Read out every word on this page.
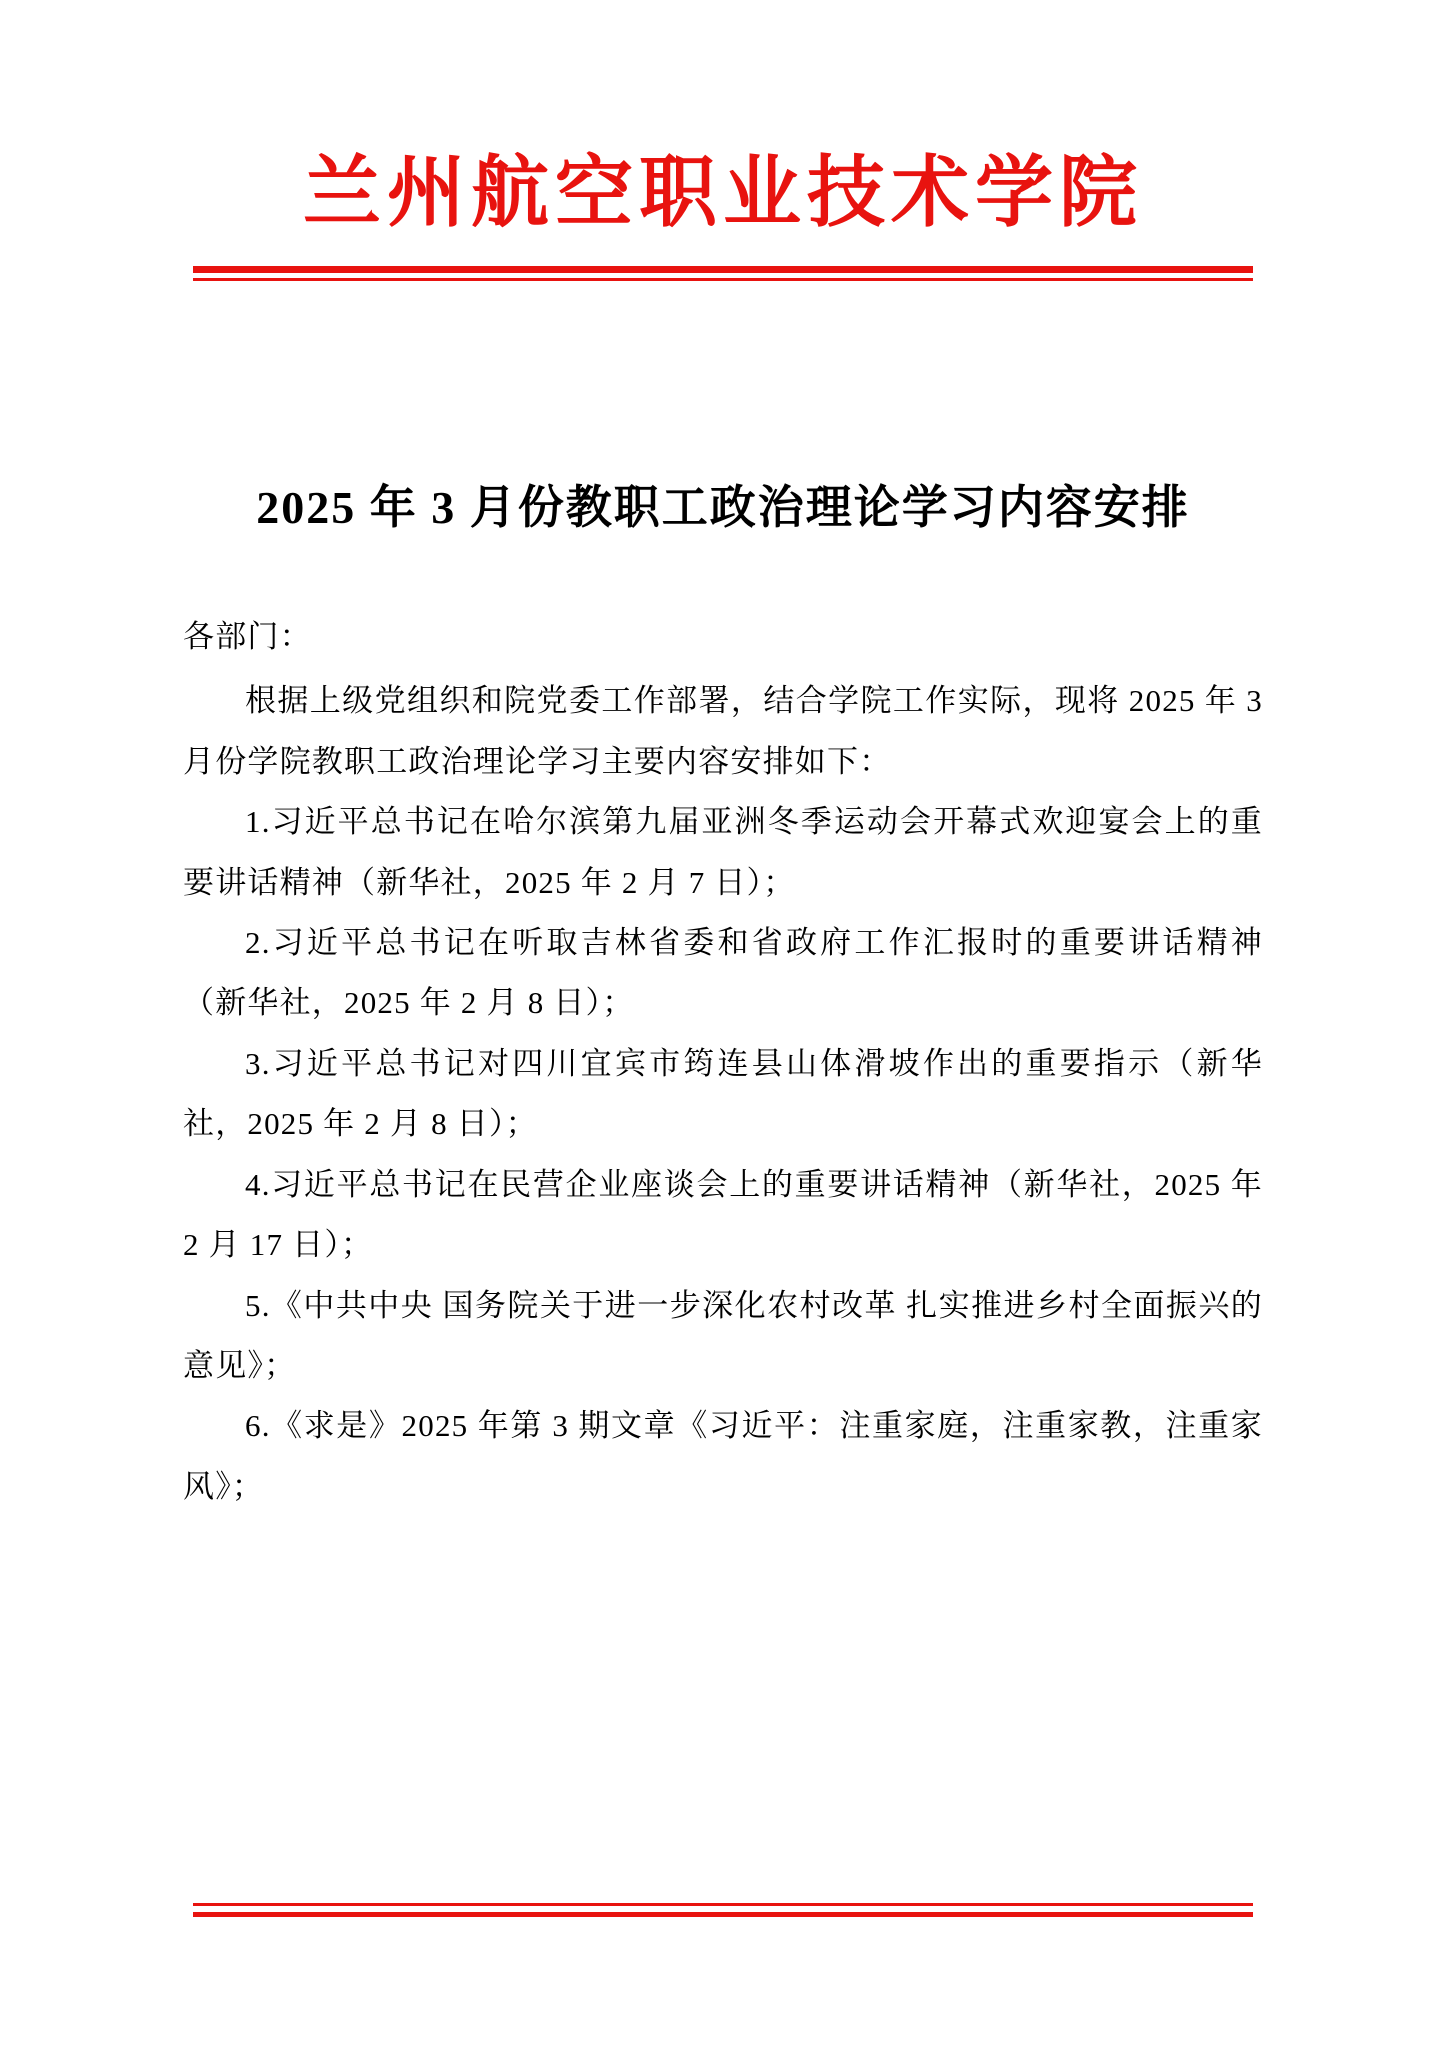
兰州航空职业技术学院
2025 年 3 月份教职工政治理论学习内容安排

各部门：

根据上级党组织和院党委工作部署，结合学院工作实际，现将 2025 年 3 月份学院教职工政治理论学习主要内容安排如下：

1.习近平总书记在哈尔滨第九届亚洲冬季运动会开幕式欢迎宴会上的重要讲话精神（新华社，2025 年 2 月 7 日）；

2.习近平总书记在听取吉林省委和省政府工作汇报时的重要讲话精神（新华社，2025 年 2 月 8 日）；

3.习近平总书记对四川宜宾市筠连县山体滑坡作出的重要指示（新华社，2025 年 2 月 8 日）；

4.习近平总书记在民营企业座谈会上的重要讲话精神（新华社，2025 年 2 月 17 日）；

5.《中共中央 国务院关于进一步深化农村改革 扎实推进乡村全面振兴的意见》；

6.《求是》2025 年第 3 期文章《习近平：注重家庭，注重家教，注重家风》；
